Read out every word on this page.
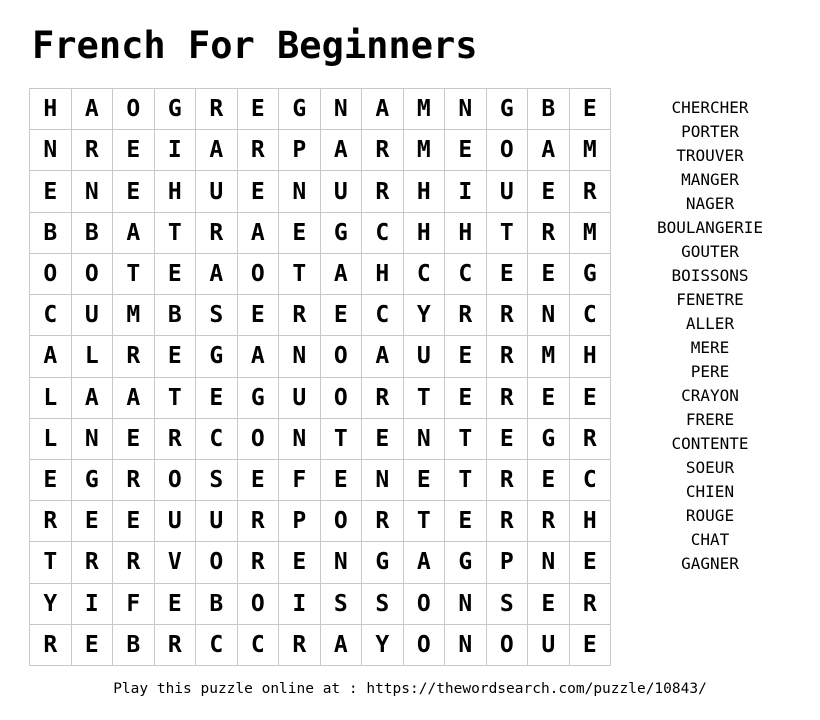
French For Beginners
H	A	O	G	R	E	G	N	A	M	N	G	B	E
N	R	E	I	A	R	P	A	R	M	E	O	A	M
E	N	E	H	U	E	N	U	R	H	I	U	E	R
B	B	A	T	R	A	E	G	C	H	H	T	R	M
O	O	T	E	A	O	T	A	H	C	C	E	E	G
C	U	M	B	S	E	R	E	C	Y	R	R	N	C
A	L	R	E	G	A	N	O	A	U	E	R	M	H
L	A	A	T	E	G	U	O	R	T	E	R	E	E
L	N	E	R	C	O	N	T	E	N	T	E	G	R
E	G	R	O	S	E	F	E	N	E	T	R	E	C
R	E	E	U	U	R	P	O	R	T	E	R	R	H
T	R	R	V	O	R	E	N	G	A	G	P	N	E
Y	I	F	E	B	O	I	S	S	O	N	S	E	R
R	E	B	R	C	C	R	A	Y	O	N	O	U	E
CHERCHER
PORTER
TROUVER
MANGER
NAGER
BOULANGERIE
GOUTER
BOISSONS
FENETRE
ALLER
MERE
PERE
CRAYON
FRERE
CONTENTE
SOEUR
CHIEN
ROUGE
CHAT
GAGNER
Play this puzzle online at : https://thewordsearch.com/puzzle/10843/
